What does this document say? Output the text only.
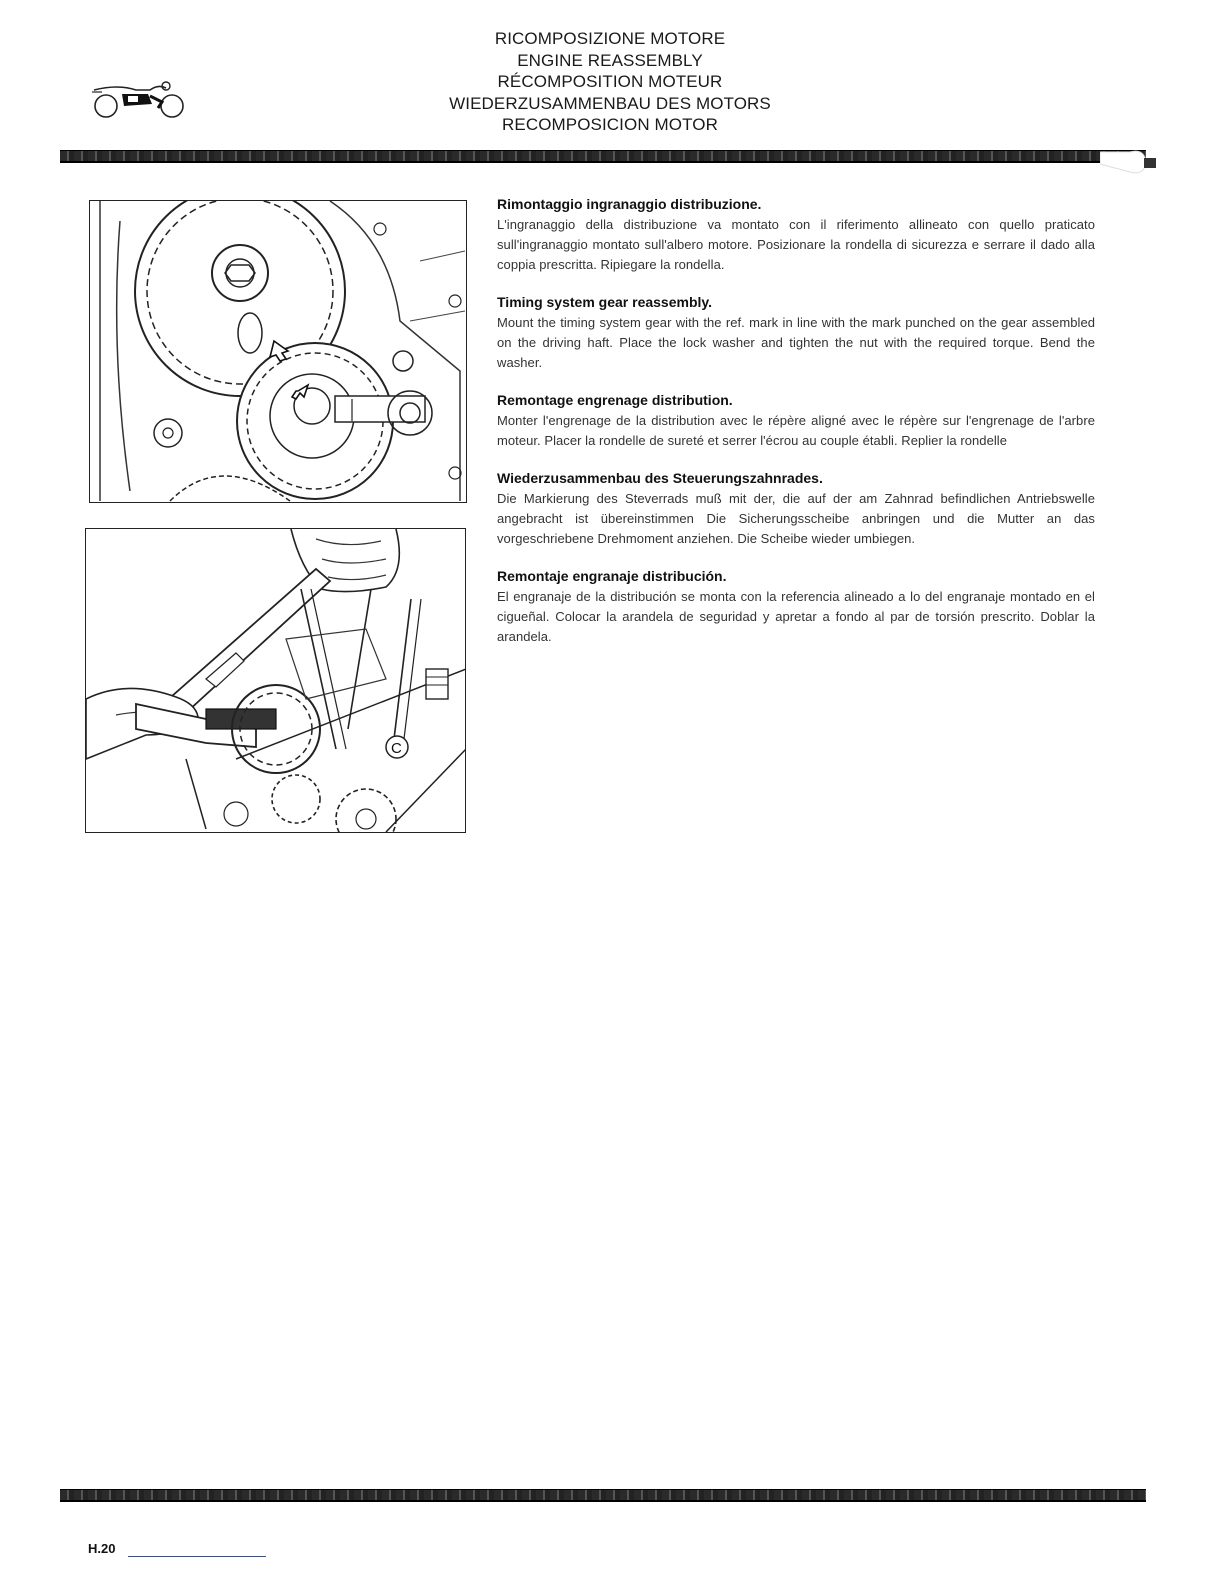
RICOMPOSIZIONE MOTORE
ENGINE REASSEMBLY
RÉCOMPOSITION MOTEUR
WIEDERZUSAMMENBAU DES MOTORS
RECOMPOSICION MOTOR
C
Rimontaggio ingranaggio distribuzione.

L'ingranaggio della distribuzione va montato con il riferimento allineato con quello praticato sull'ingranaggio montato sull'albero motore. Posizionare la rondella di sicurezza e serrare il dado alla coppia prescritta. Ripiegare la rondella.

Timing system gear reassembly.

Mount the timing system gear with the ref. mark in line with the mark punched on the gear assembled on the driving haft. Place the lock washer and tighten the nut with the required torque. Bend the washer.

Remontage engrenage distribution.

Monter l'engrenage de la distribution avec le répère aligné avec le répère sur l'engrenage de l'arbre moteur. Placer la rondelle de sureté et serrer l'écrou au couple établi. Replier la rondelle

Wiederzusammenbau des Steuerungszahnrades.

Die Markierung des Steverrads muß mit der, die auf der am Zahnrad befindlichen Antriebswelle angebracht ist übereinstimmen Die Sicherungsscheibe anbringen und die Mutter an das vorgeschriebene Drehmoment anziehen. Die Scheibe wieder umbiegen.

Remontaje engranaje distribución.

El engranaje de la distribución se monta con la referencia alineado a lo del engranaje montado en el cigueñal. Colocar la arandela de seguridad y apretar a fondo al par de torsión prescrito. Doblar la arandela.

H.20
